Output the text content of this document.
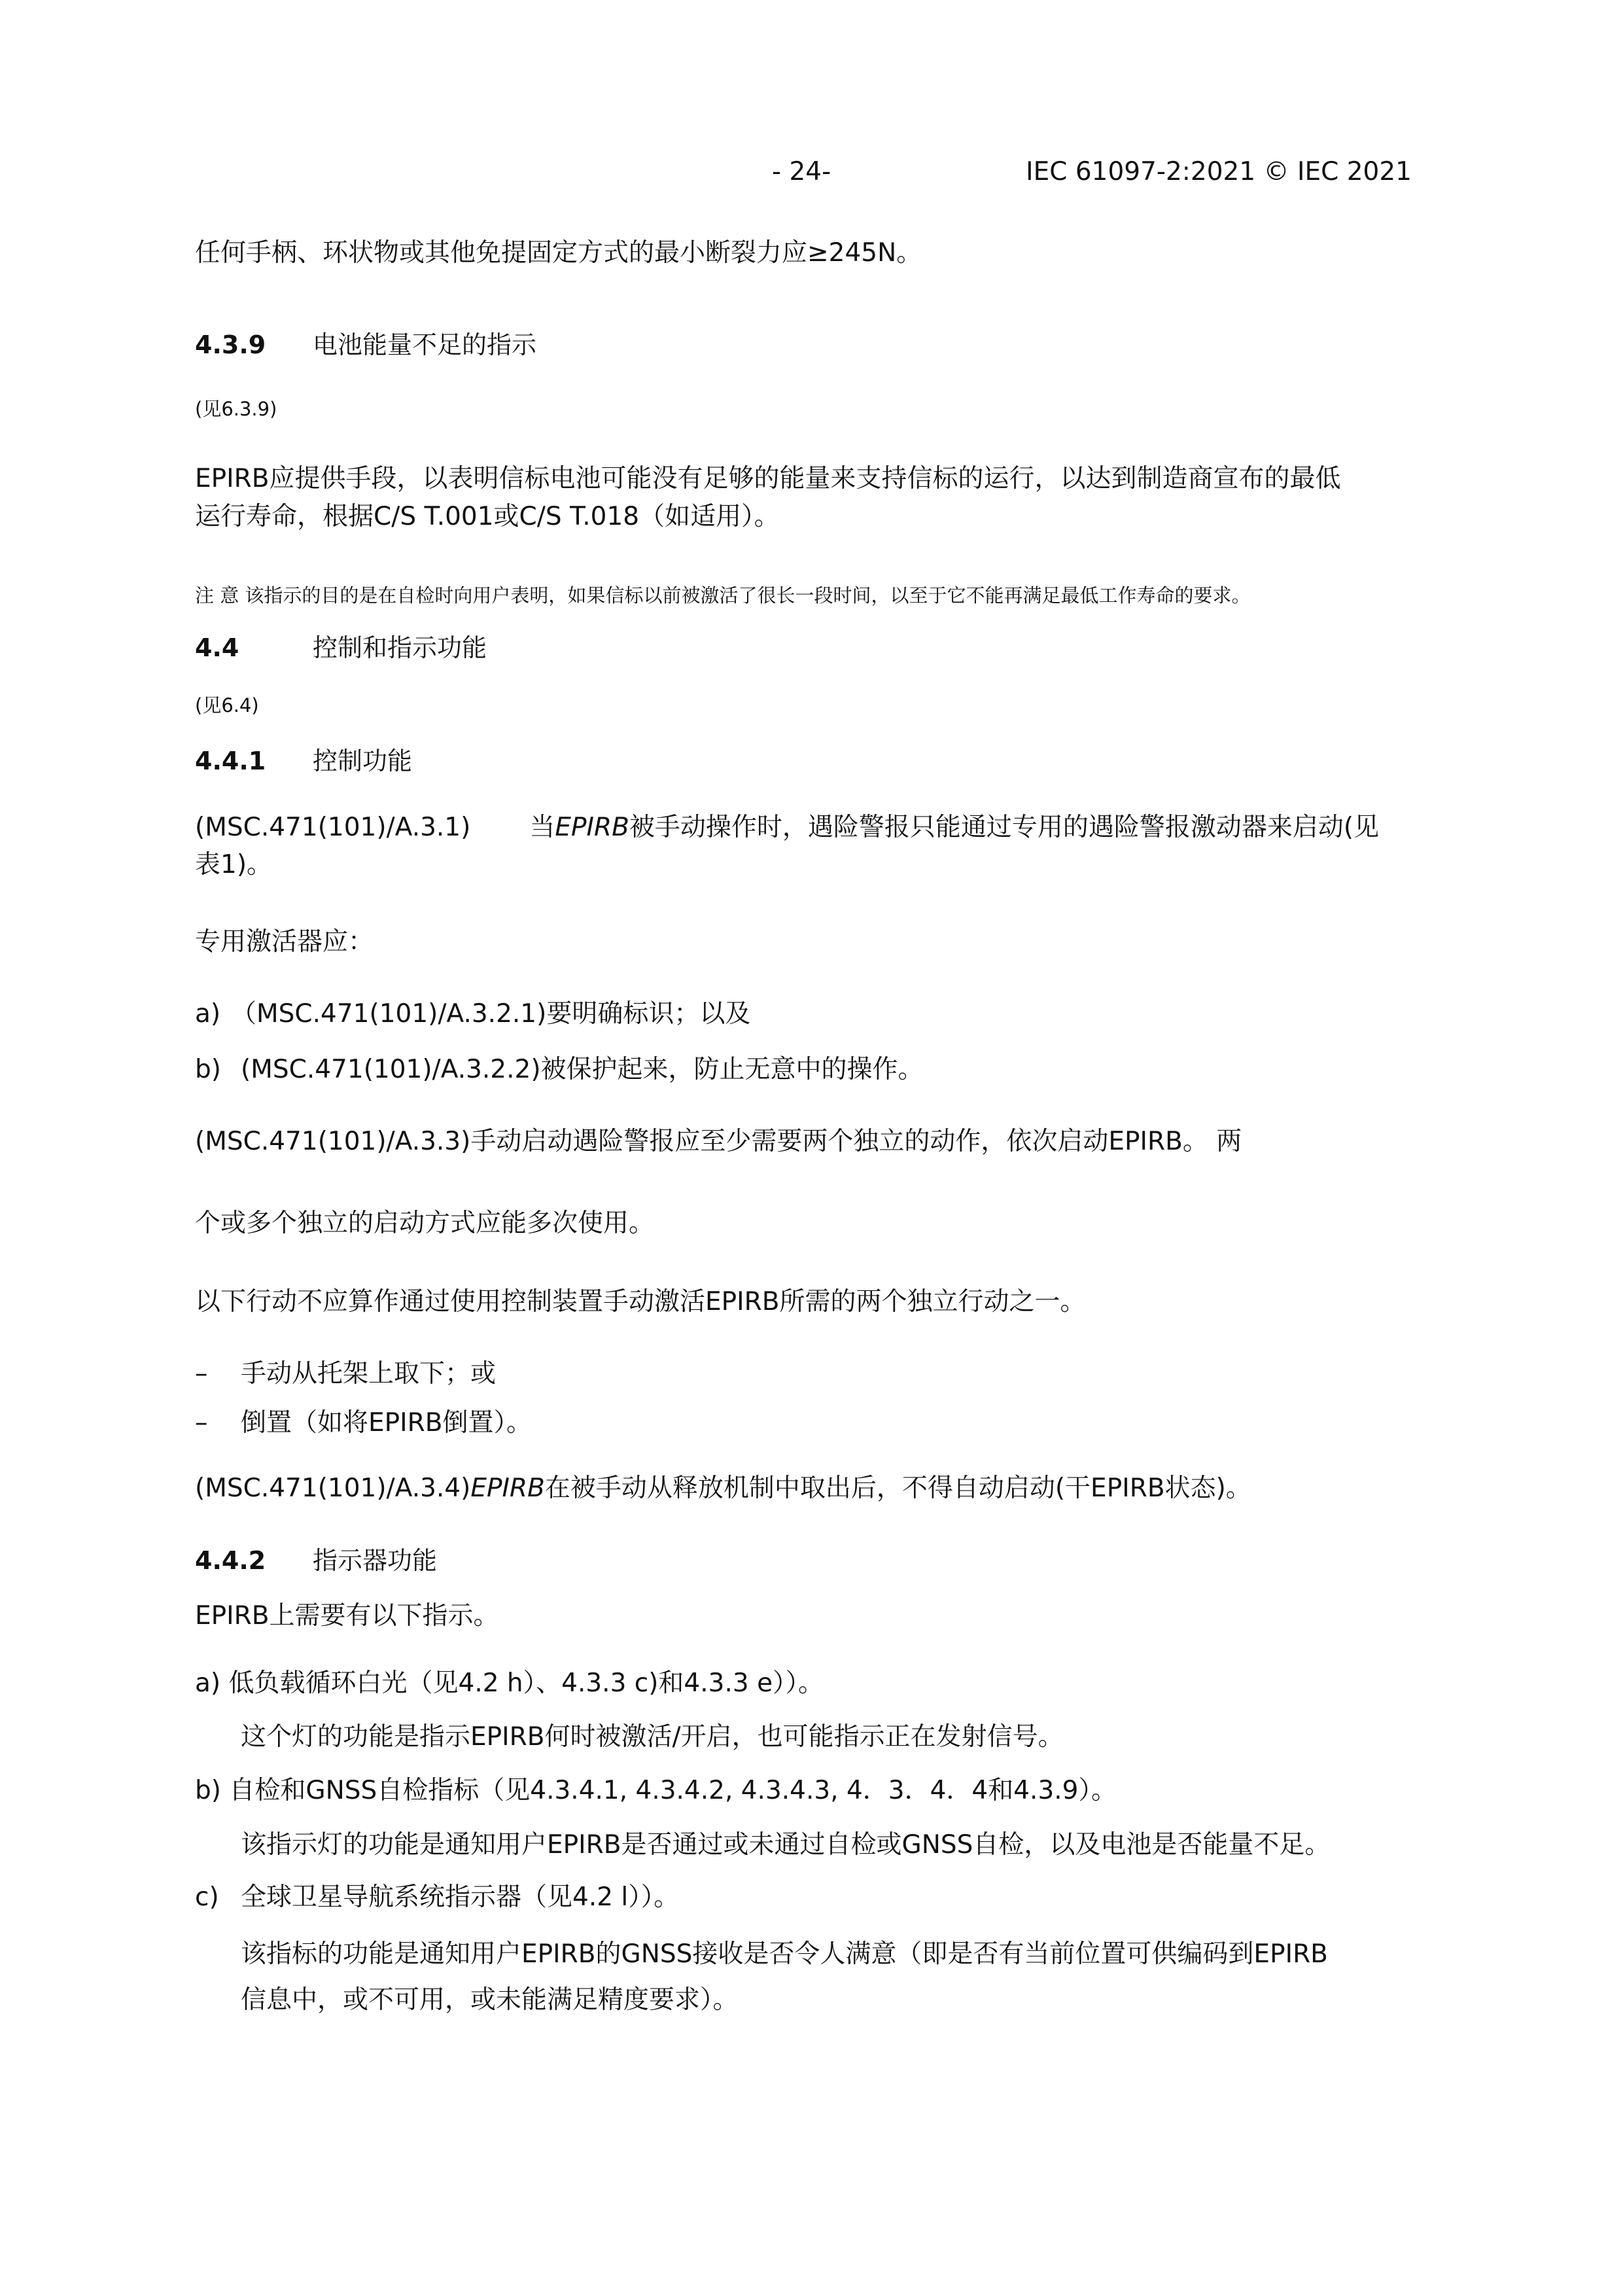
- 24-	IEC 61097-2:2021 © IEC 2021
任何手柄、环状物或其他免提固定方式的最小断裂力应≥245N。
4.3.9 电池能量不足的指示
(见6.3.9)
EPIRB应提供手段，以表明信标电池可能没有足够的能量来支持信标的运行，以达到制造商宣布的最低
运行寿命，根据C/S T.001或C/S T.018（如适用）。
注 意 该指示的目的是在自检时向用户表明，如果信标以前被激活了很长一段时间，以至于它不能再满足最低工作寿命的要求。
4.4	控制和指示功能
(见6.4)
4.4.1 控制功能
(MSC.471(101)/A.3.1) 当EPIRB被手动操作时，遇险警报只能通过专用的遇险警报激动器来启动(见
表1)。
专用激活器应：
a) （MSC.471(101)/A.3.2.1)要明确标识；以及
b) (MSC.471(101)/A.3.2.2)被保护起来，防止无意中的操作。
(MSC.471(101)/A.3.3)手动启动遇险警报应至少需要两个独立的动作，依次启动EPIRB。 两
个或多个独立的启动方式应能多次使用。
以下行动不应算作通过使用控制装置手动激活EPIRB所需的两个独立行动之一。
– 手动从托架上取下；或
– 倒置（如将EPIRB倒置）。
(MSC.471(101)/A.3.4)EPIRB在被手动从释放机制中取出后，不得自动启动(干EPIRB状态)。
4.4.2 指示器功能
EPIRB上需要有以下指示。
a) 低负载循环白光（见4.2 h）、4.3.3 c)和4.3.3 e））。
这个灯的功能是指示EPIRB何时被激活/开启，也可能指示正在发射信号。
b) 自检和GNSS自检指标（见4.3.4.1, 4.3.4.2, 4.3.4.3, 4．3．4．4和4.3.9）。
该指示灯的功能是通知用户EPIRB是否通过或未通过自检或GNSS自检，以及电池是否能量不足。
c) 全球卫星导航系统指示器（见4.2 l））。
该指标的功能是通知用户EPIRB的GNSS接收是否令人满意（即是否有当前位置可供编码到EPIRB
信息中，或不可用，或未能满足精度要求）。
